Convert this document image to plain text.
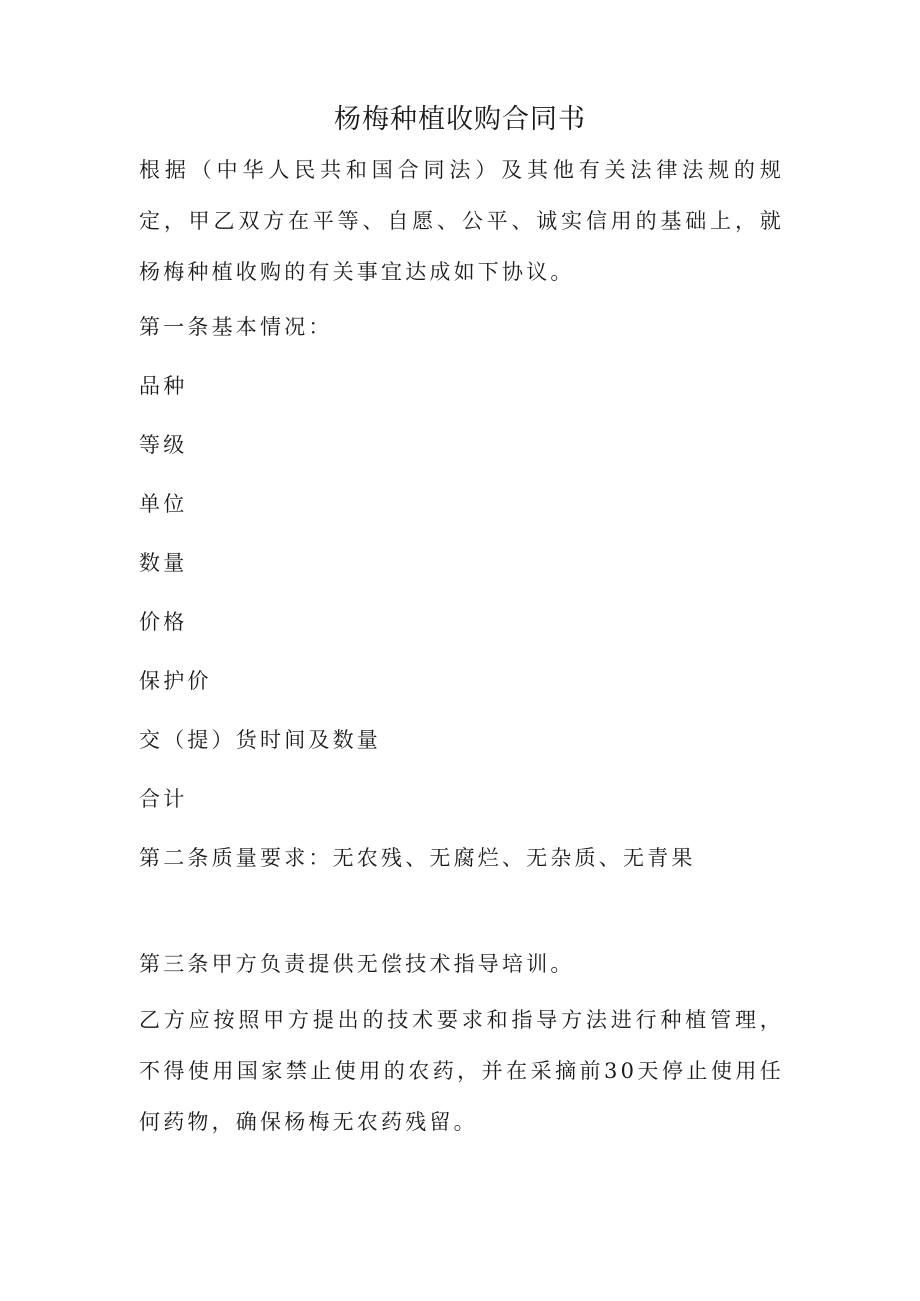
杨梅种植收购合同书
根据（中华人民共和国合同法）及其他有关法律法规的规定，甲乙双方在平等、自愿、公平、诚实信用的基础上，就杨梅种植收购的有关事宜达成如下协议。
第一条基本情况：
品种
等级
单位
数量
价格
保护价
交（提）货时间及数量
合计
第二条质量要求：无农残、无腐烂、无杂质、无青果
第三条甲方负责提供无偿技术指导培训。
乙方应按照甲方提出的技术要求和指导方法进行种植管理，不得使用国家禁止使用的农药，并在采摘前30天停止使用任何药物，确保杨梅无农药残留。
